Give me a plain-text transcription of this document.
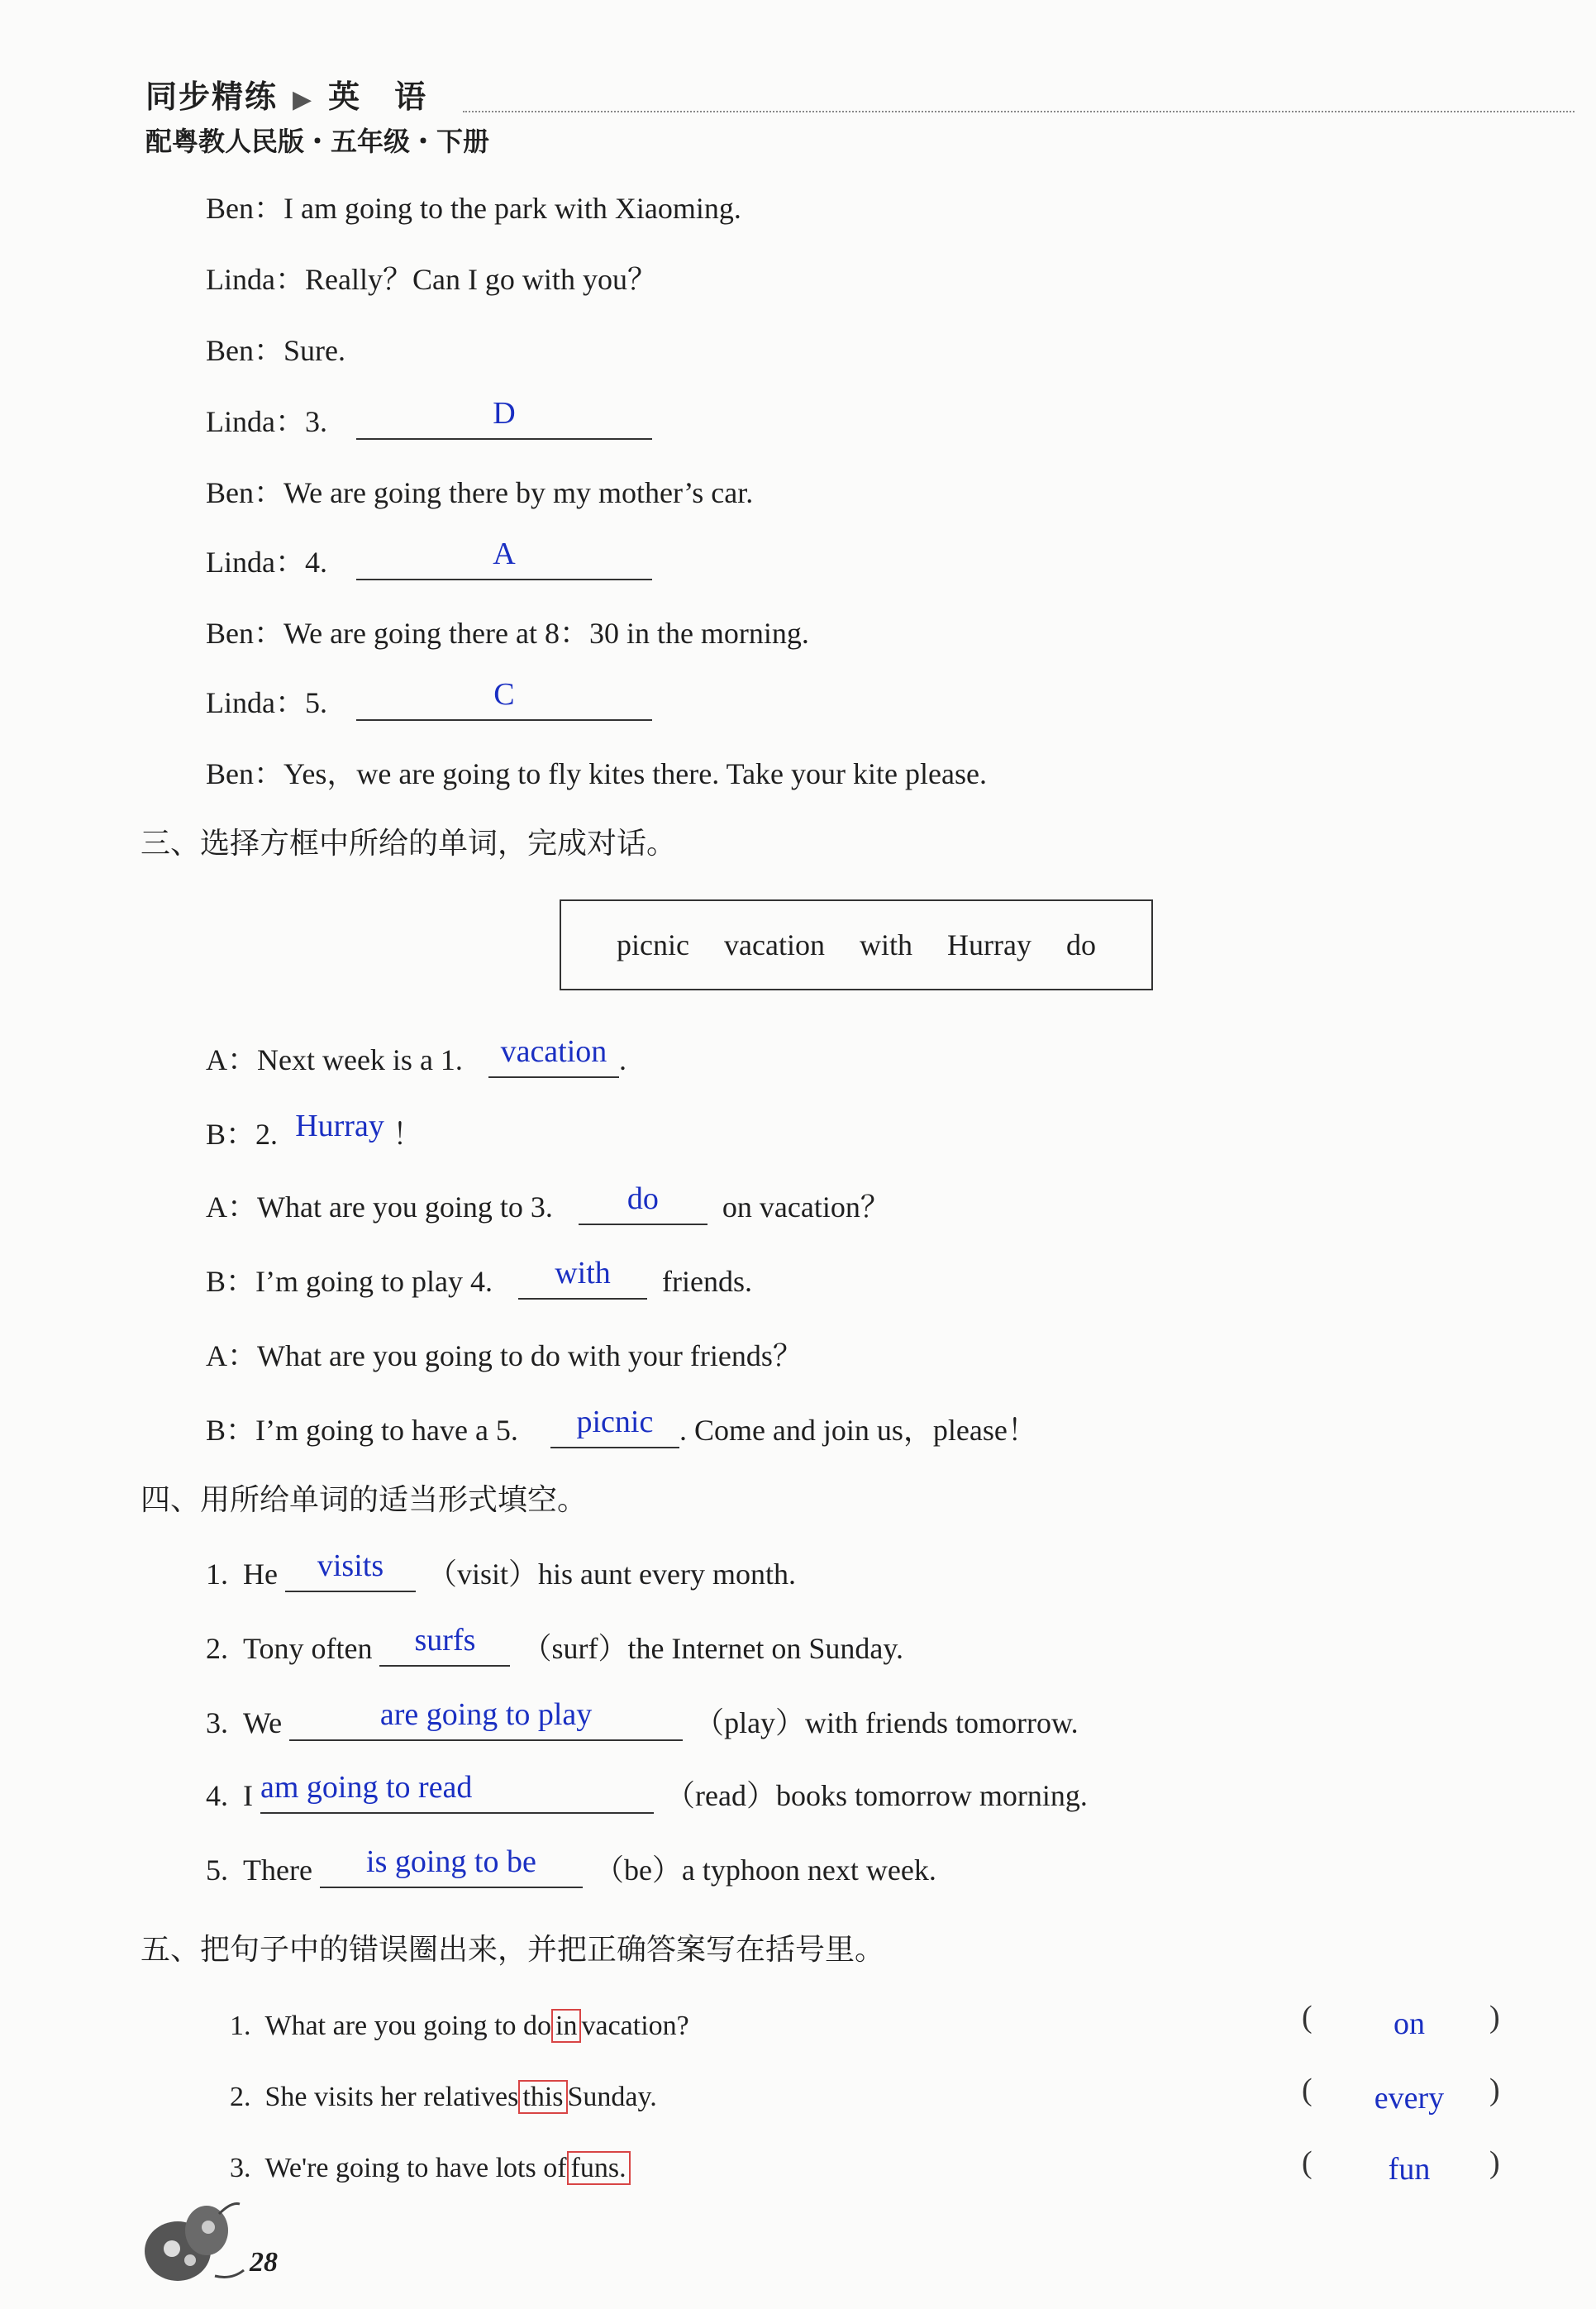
同步精练 ▶ 英　语
配粤教人民版・五年级・下册
Ben：I am going to the park with Xiaoming.
Linda：Really？Can I go with you？
Ben：Sure.
Linda：3.	D
Ben：We are going there by my mother’s car.
Linda：4.	A
Ben：We are going there at 8：30 in the morning.
Linda：5.	C
Ben：Yes，we are going to fly kites there. Take your kite please.
三、选择方框中所给的单词，完成对话。
picnic vacation with Hurray do
A：Next week is a 1. vacation .
B：2. Hurray ！
A：What are you going to 3. do on vacation？
B：I’m going to play 4. with friends.
A：What are you going to do with your friends？
B：I’m going to have a 5. picnic . Come and join us，please！
四、用所给单词的适当形式填空。
1. He visits （visit）his aunt every month.
2. Tony often surfs （surf）the Internet on Sunday.
3. We	are going to play	（play）with friends tomorrow.
4. I am going to read	（read）books tomorrow morning.
5. There is going to be （be）a typhoon next week.
五、把句子中的错误圈出来，并把正确答案写在括号里。
1. What are you going to do in vacation?
2. She visits her relatives this Sunday.
3. We're going to have lots of funs.
(	on	)
(	every	)
(	fun	)
28
